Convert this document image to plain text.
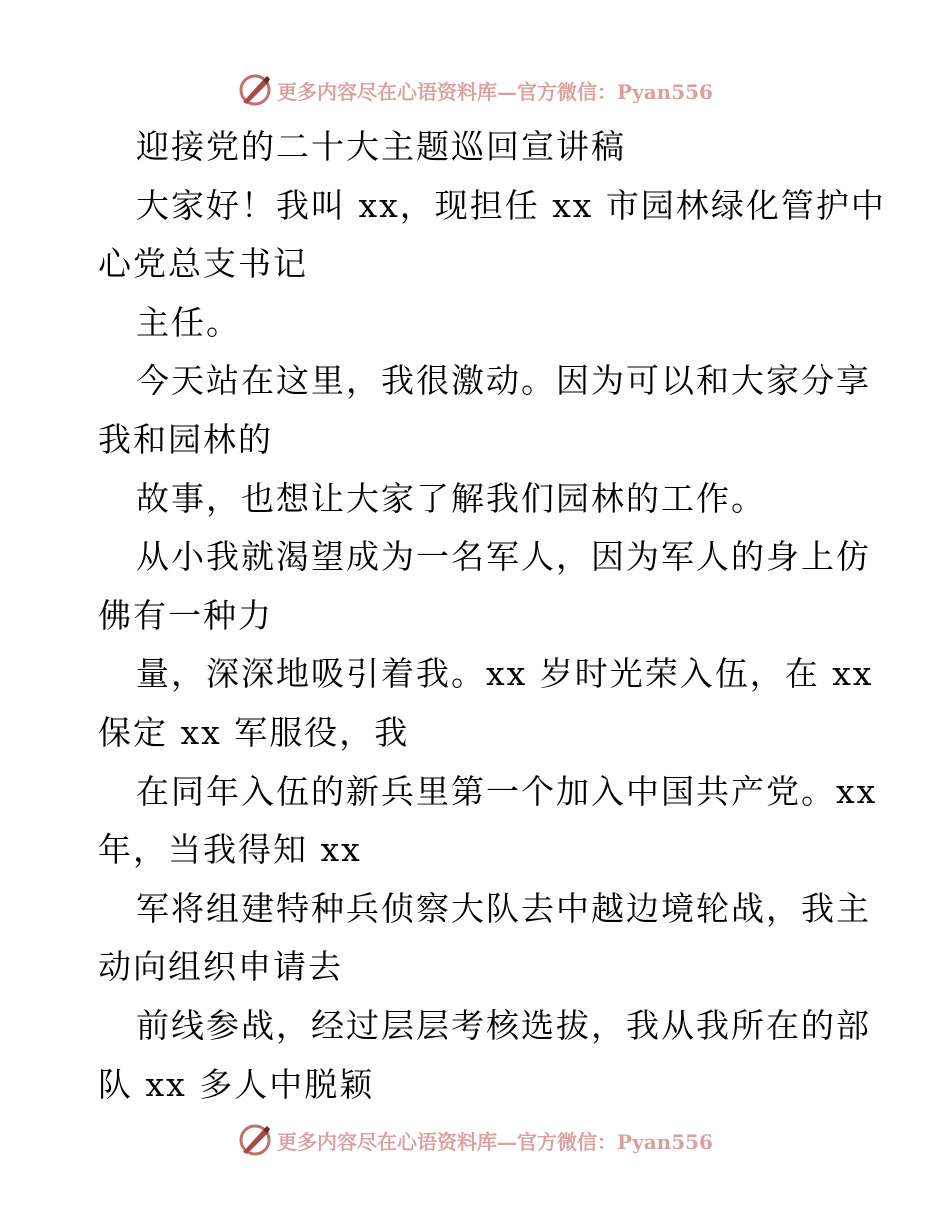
更多内容尽在心语资料库—官方微信：Pyan556
迎接党的二十大主题巡回宣讲稿
大家好！我叫 xx，现担任 xx 市园林绿化管护中
心党总支书记
主任。
今天站在这里，我很激动。因为可以和大家分享
我和园林的
故事，也想让大家了解我们园林的工作。
从小我就渴望成为一名军人，因为军人的身上仿
佛有一种力
量，深深地吸引着我。xx 岁时光荣入伍，在 xx
保定 xx 军服役，我
在同年入伍的新兵里第一个加入中国共产党。xx
年，当我得知 xx
军将组建特种兵侦察大队去中越边境轮战，我主
动向组织申请去
前线参战，经过层层考核选拔，我从我所在的部
队 xx 多人中脱颖
更多内容尽在心语资料库—官方微信：Pyan556
